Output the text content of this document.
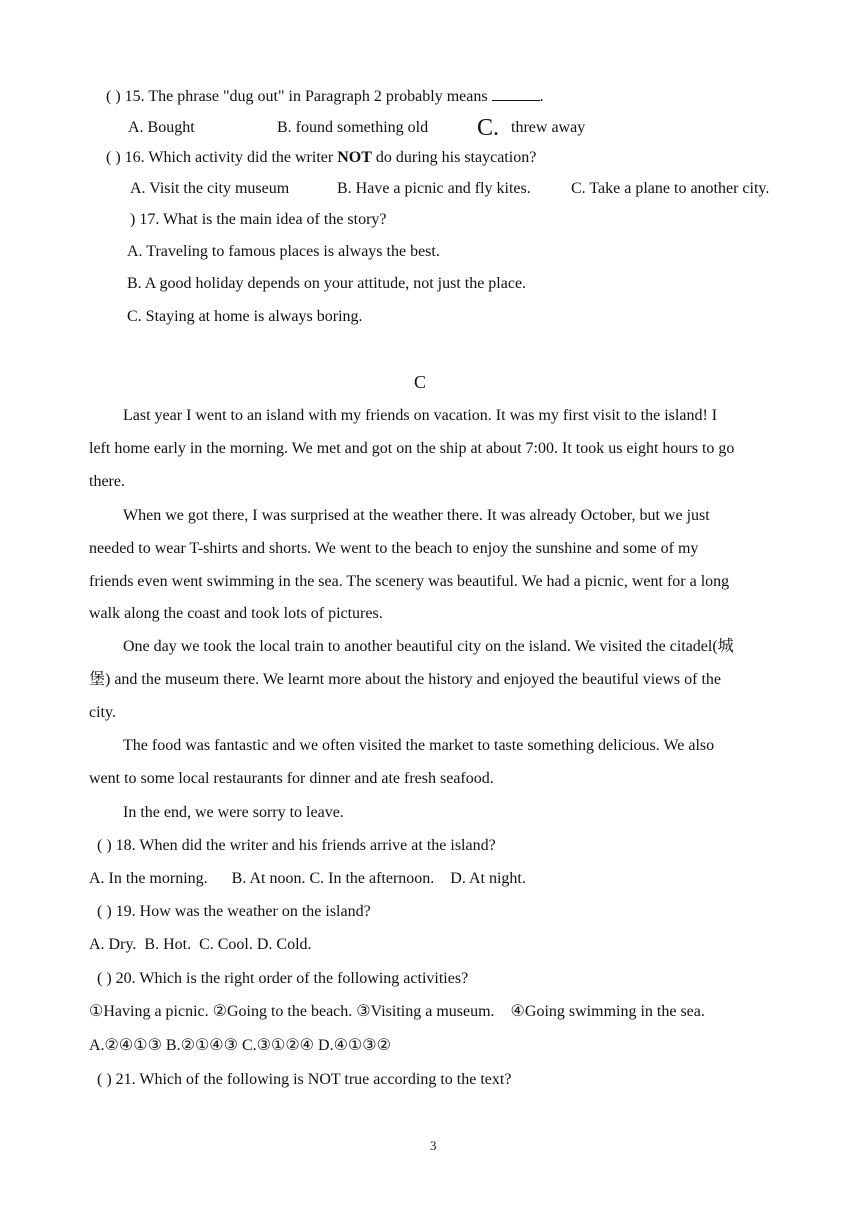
( ) 15. The phrase "dug out" in Paragraph 2 probably means	.
A. Bought	B. found something old C. threw away
( ) 16. Which activity did the writer NOT do during his staycation?
A. Visit the city museum	B. Have a picnic and fly kites.	C. Take a plane to another city.
) 17. What is the main idea of the story?
A. Traveling to famous places is always the best.
B. A good holiday depends on your attitude, not just the place.
C. Staying at home is always boring.
C
Last year I went to an island with my friends on vacation. It was my first visit to the island! I
left home early in the morning. We met and got on the ship at about 7:00. It took us eight hours to go
there.
When we got there, I was surprised at the weather there. It was already October, but we just
needed to wear T-shirts and shorts. We went to the beach to enjoy the sunshine and some of my
friends even went swimming in the sea. The scenery was beautiful. We had a picnic, went for a long
walk along the coast and took lots of pictures.
One day we took the local train to another beautiful city on the island. We visited the citadel(城
堡) and the museum there. We learnt more about the history and enjoyed the beautiful views of the
city.
The food was fantastic and we often visited the market to taste something delicious. We also
went to some local restaurants for dinner and ate fresh seafood.
In the end, we were sorry to leave.
( ) 18. When did the writer and his friends arrive at the island?
A. In the morning.      B. At noon. C. In the afternoon.    D. At night.
( ) 19. How was the weather on the island?
A. Dry.  B. Hot.  C. Cool. D. Cold.
( ) 20. Which is the right order of the following activities?
①Having a picnic. ②Going to the beach. ③Visiting a museum.    ④Going swimming in the sea.
A.②④①③ B.②①④③ C.③①②④ D.④①③②
( ) 21. Which of the following is NOT true according to the text?
3
